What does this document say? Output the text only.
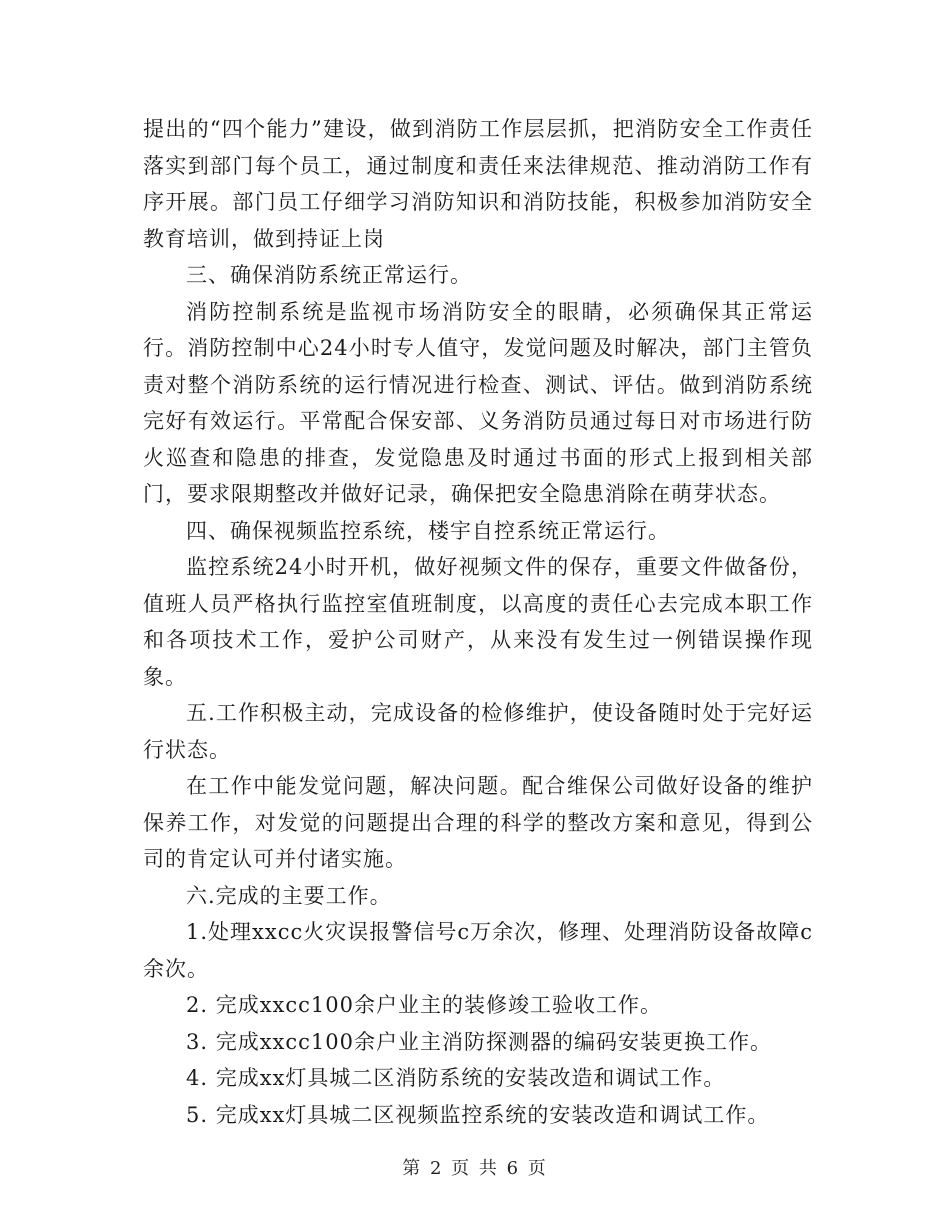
提出的“四个能力”建设，做到消防工作层层抓，把消防安全工作责任落实到部门每个员工，通过制度和责任来法律规范、推动消防工作有序开展。部门员工仔细学习消防知识和消防技能，积极参加消防安全教育培训，做到持证上岗

三、确保消防系统正常运行。

消防控制系统是监视市场消防安全的眼睛，必须确保其正常运行。消防控制中心24小时专人值守，发觉问题及时解决，部门主管负责对整个消防系统的运行情况进行检查、测试、评估。做到消防系统完好有效运行。平常配合保安部、义务消防员通过每日对市场进行防火巡查和隐患的排查，发觉隐患及时通过书面的形式上报到相关部门，要求限期整改并做好记录，确保把安全隐患消除在萌芽状态。

四、确保视频监控系统，楼宇自控系统正常运行。

监控系统24小时开机，做好视频文件的保存，重要文件做备份，值班人员严格执行监控室值班制度，以高度的责任心去完成本职工作和各项技术工作，爱护公司财产，从来没有发生过一例错误操作现象。

五.工作积极主动，完成设备的检修维护，使设备随时处于完好运行状态。

在工作中能发觉问题，解决问题。配合维保公司做好设备的维护保养工作，对发觉的问题提出合理的科学的整改方案和意见，得到公司的肯定认可并付诸实施。

六.完成的主要工作。

1.处理xxcc火灾误报警信号c万余次，修理、处理消防设备故障c余次。

2. 完成xxcc100余户业主的装修竣工验收工作。

3. 完成xxcc100余户业主消防探测器的编码安装更换工作。

4. 完成xx灯具城二区消防系统的安装改造和调试工作。

5. 完成xx灯具城二区视频监控系统的安装改造和调试工作。

第 2 页 共 6 页
